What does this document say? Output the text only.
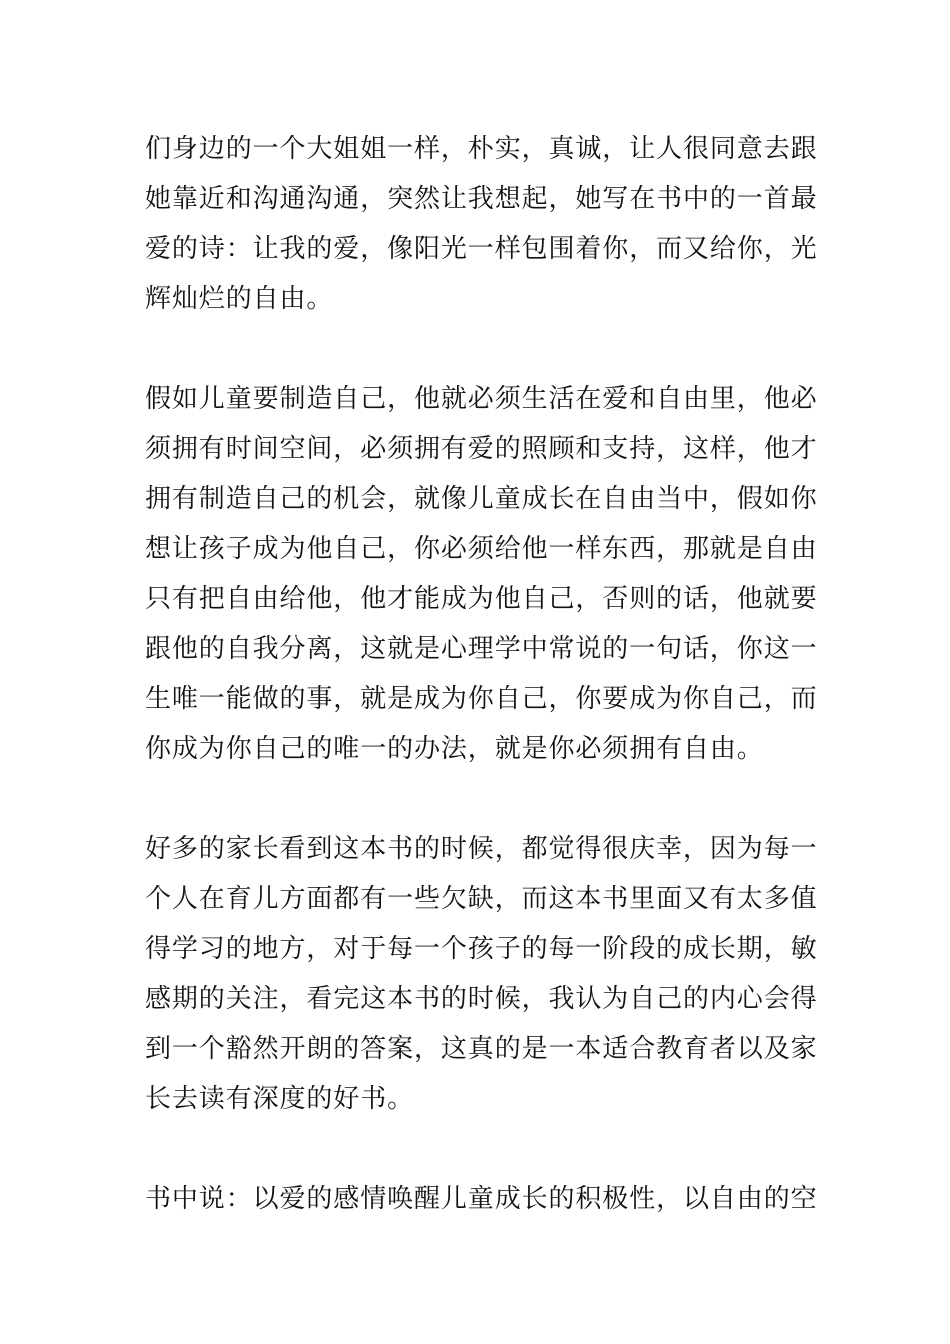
们身边的一个大姐姐一样，朴实，真诚，让人很同意去跟
她靠近和沟通沟通，突然让我想起，她写在书中的一首最
爱的诗：让我的爱，像阳光一样包围着你，而又给你，光
辉灿烂的自由。
假如儿童要制造自己，他就必须生活在爱和自由里，他必
须拥有时间空间，必须拥有爱的照顾和支持，这样，他才
拥有制造自己的机会，就像儿童成长在自由当中，假如你
想让孩子成为他自己，你必须给他一样东西，那就是自由
只有把自由给他，他才能成为他自己，否则的话，他就要
跟他的自我分离，这就是心理学中常说的一句话，你这一
生唯一能做的事，就是成为你自己，你要成为你自己，而
你成为你自己的唯一的办法，就是你必须拥有自由。
好多的家长看到这本书的时候，都觉得很庆幸，因为每一
个人在育儿方面都有一些欠缺，而这本书里面又有太多值
得学习的地方，对于每一个孩子的每一阶段的成长期，敏
感期的关注，看完这本书的时候，我认为自己的内心会得
到一个豁然开朗的答案，这真的是一本适合教育者以及家
长去读有深度的好书。
书中说：以爱的感情唤醒儿童成长的积极性，以自由的空
